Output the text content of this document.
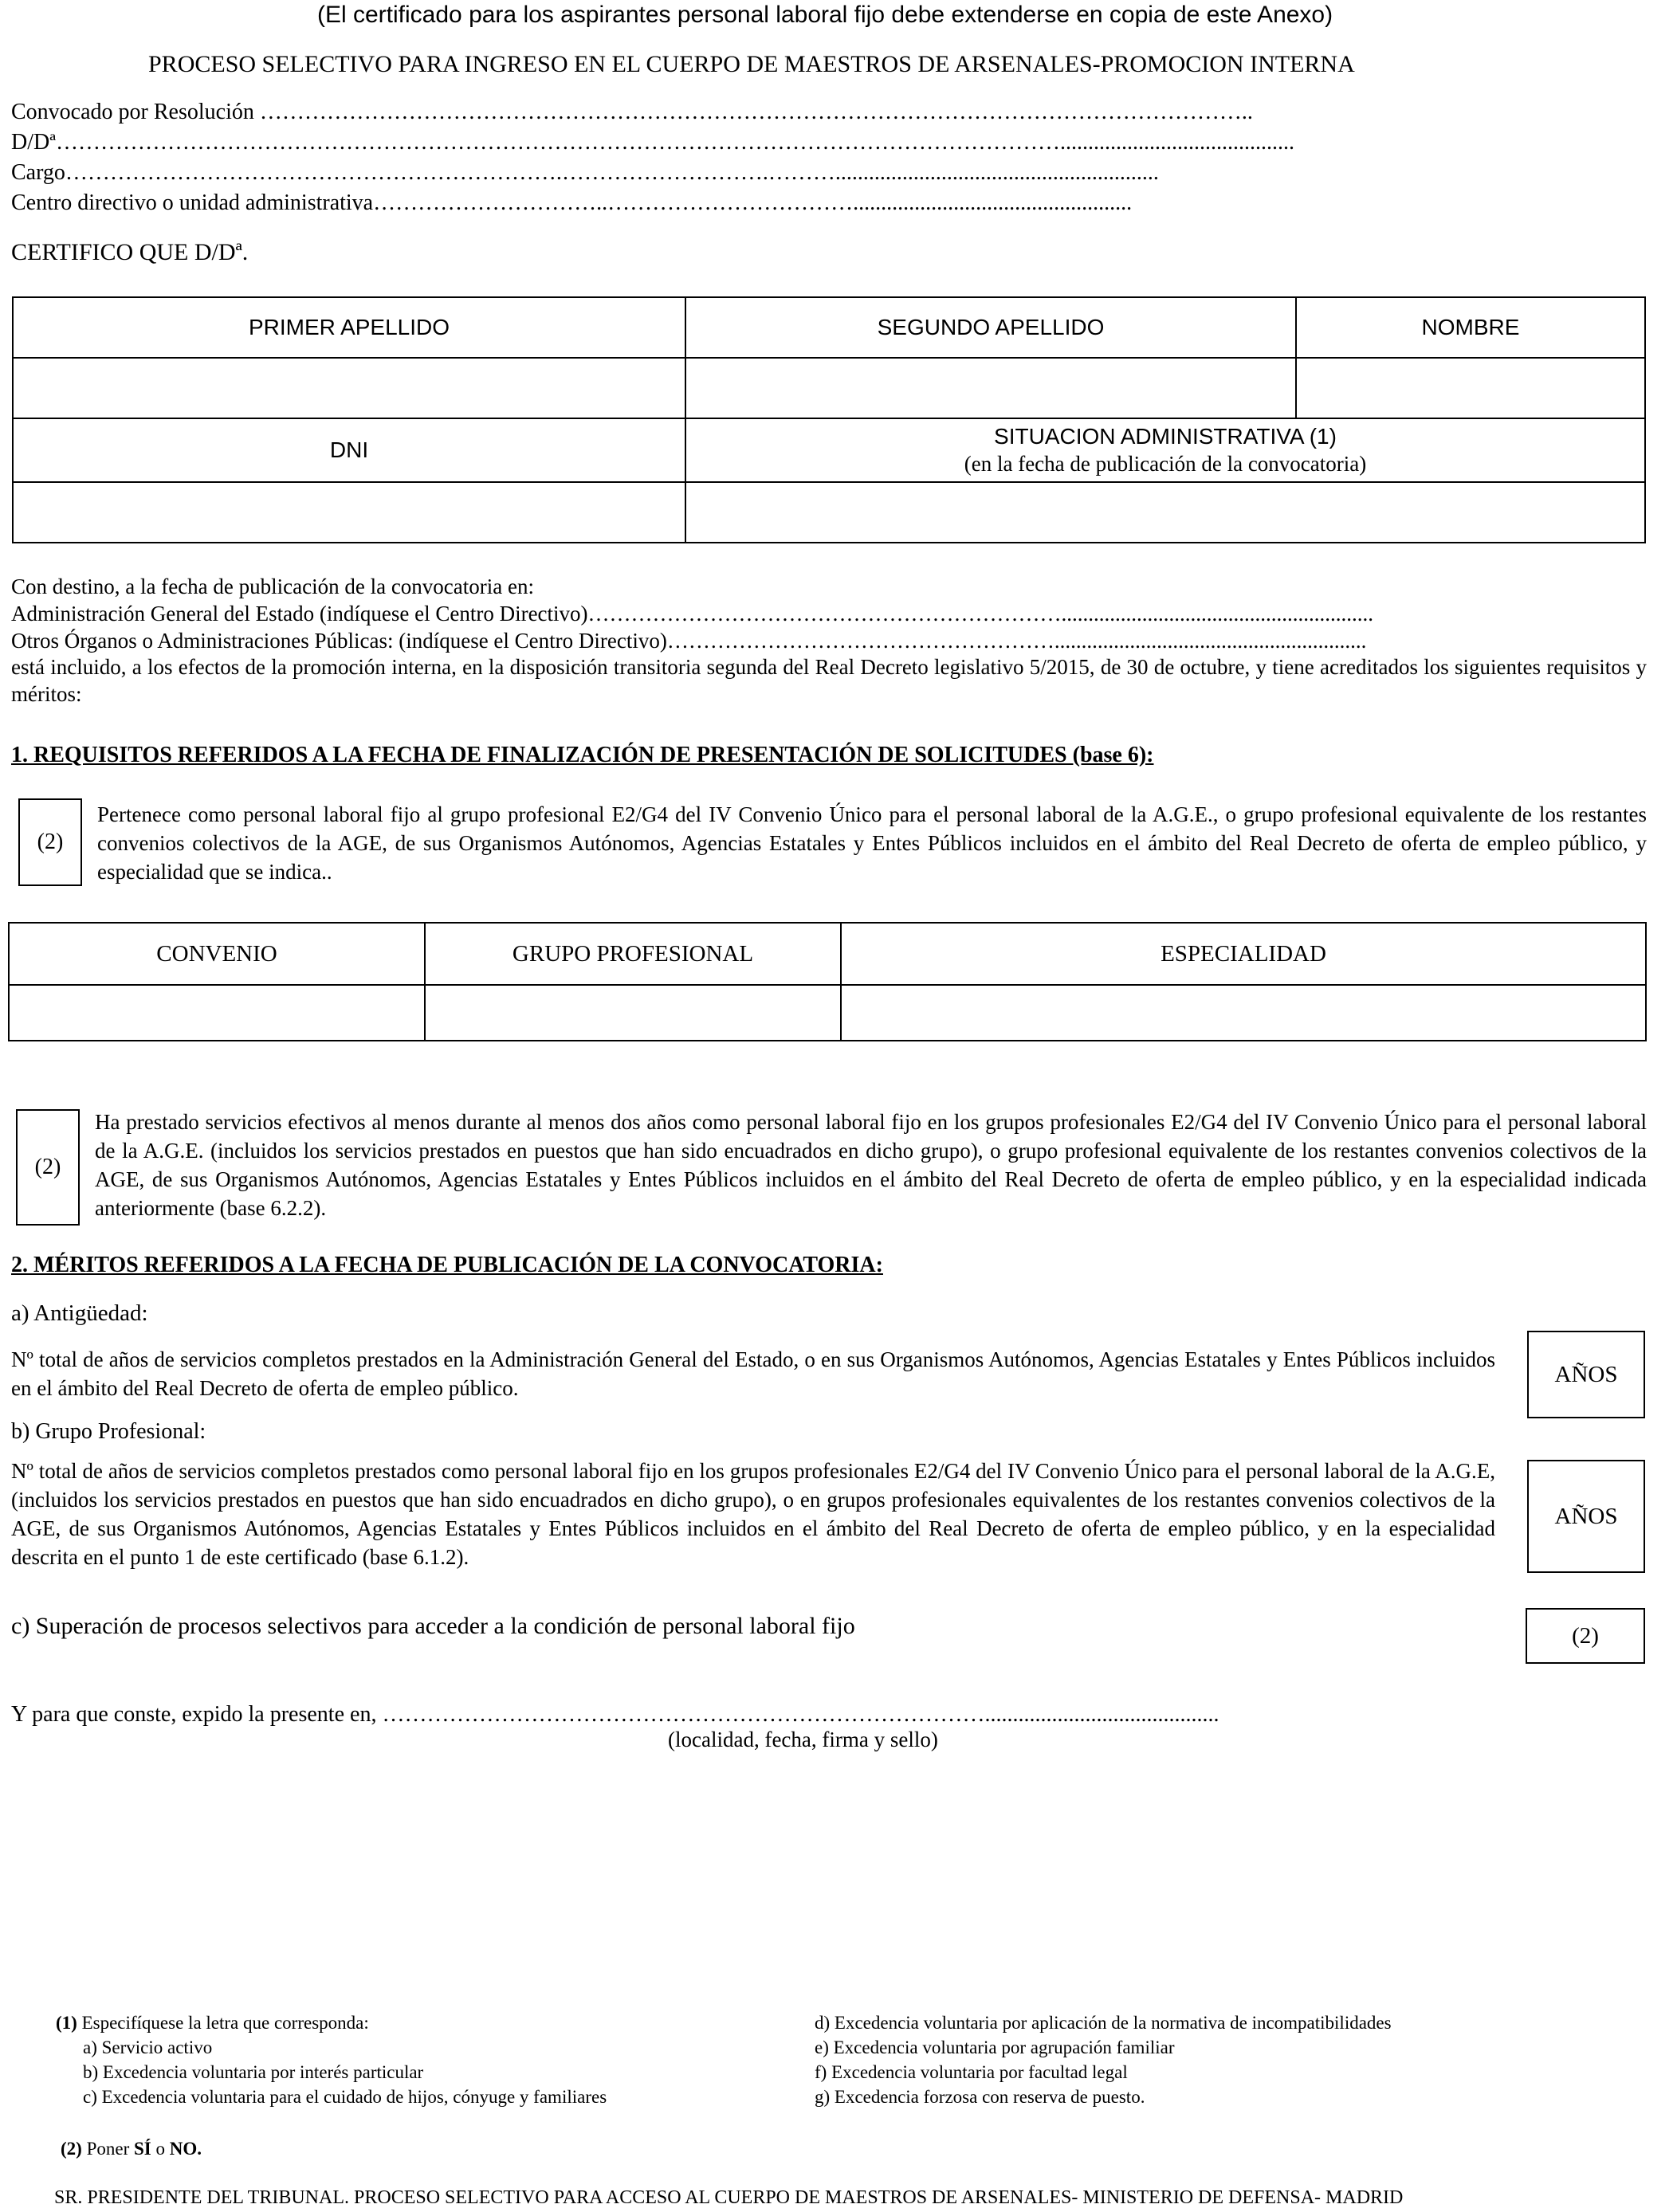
(El certificado para los aspirantes personal laboral fijo debe extenderse en copia de este Anexo)
PROCESO SELECTIVO PARA INGRESO EN EL CUERPO DE MAESTROS DE ARSENALES-PROMOCION INTERNA
Convocado por Resolución ……………………………………………………………………………………………………………………..
D/Dª………………………………………………………………………………………………………………………..........................................
Cargo………………………………………………………….……………………….………..........................................................
Centro directivo o unidad administrativa…………………………..……………………………..................................................
CERTIFICO QUE D/Dª.
PRIMER APELLIDO	SEGUNDO APELLIDO	NOMBRE

DNI	SITUACION ADMINISTRATIVA (1)
(en la fecha de publicación de la convocatoria)	

Con destino, a la fecha de publicación de la convocatoria en:
Administración General del Estado (indíquese el Centro Directivo)…………………………………………………………..........................................................
Otros Órganos o Administraciones Públicas: (indíquese el Centro Directivo)………………………………………………..........................................................
está incluido, a los efectos de la promoción interna, en la disposición transitoria segunda del Real Decreto legislativo 5/2015, de 30 de octubre, y tiene acreditados los siguientes requisitos y méritos:
1. REQUISITOS REFERIDOS A LA FECHA DE FINALIZACIÓN DE PRESENTACIÓN DE SOLICITUDES (base 6):
(2)
Pertenece como personal laboral fijo al grupo profesional E2/G4 del IV Convenio Único para el personal laboral de la A.G.E., o grupo profesional equivalente de los restantes convenios colectivos de la AGE, de sus Organismos Autónomos, Agencias Estatales y Entes Públicos incluidos en el ámbito del Real Decreto de oferta de empleo público, y especialidad que se indica..
CONVENIO	GRUPO PROFESIONAL	ESPECIALIDAD

(2)
Ha prestado servicios efectivos al menos durante al menos dos años como personal laboral fijo en los grupos profesionales E2/G4 del IV Convenio Único para el personal laboral de la A.G.E. (incluidos los servicios prestados en puestos que han sido encuadrados en dicho grupo), o grupo profesional equivalente de los restantes convenios colectivos de la AGE, de sus Organismos Autónomos, Agencias Estatales y Entes Públicos incluidos en el ámbito del Real Decreto de oferta de empleo público, y en la especialidad indicada anteriormente (base 6.2.2).
2. MÉRITOS REFERIDOS A LA FECHA DE PUBLICACIÓN DE LA CONVOCATORIA:
a) Antigüedad:
Nº total de años de servicios completos prestados en la Administración General del Estado, o en sus Organismos Autónomos, Agencias Estatales y Entes Públicos incluidos en el ámbito del Real Decreto de oferta de empleo público.
AÑOS
b) Grupo Profesional:
Nº total de años de servicios completos prestados como personal laboral fijo en los grupos profesionales E2/G4 del IV Convenio Único para el personal laboral de la A.G.E, (incluidos los servicios prestados en puestos que han sido encuadrados en dicho grupo), o en grupos profesionales equivalentes de los restantes convenios colectivos de la AGE, de sus Organismos Autónomos, Agencias Estatales y Entes Públicos incluidos en el ámbito del Real Decreto de oferta de empleo público, y en la especialidad descrita en el punto 1 de este certificado (base 6.1.2).
AÑOS
c) Superación de procesos selectivos para acceder a la condición de personal laboral fijo	(2)
Y para que conste, expido la presente en, ………………………………………………………………………..........................................
(localidad, fecha, firma y sello)
(1) Especifíquese la letra que corresponda:
a) Servicio activo
b) Excedencia voluntaria por interés particular
c) Excedencia voluntaria para el cuidado de hijos, cónyuge y familiares
d) Excedencia voluntaria por aplicación de la normativa de incompatibilidades
e) Excedencia voluntaria por agrupación familiar
f) Excedencia voluntaria por facultad legal
g) Excedencia forzosa con reserva de puesto.
(2) Poner SÍ o NO.
SR. PRESIDENTE DEL TRIBUNAL. PROCESO SELECTIVO PARA ACCESO AL CUERPO DE MAESTROS DE ARSENALES- MINISTERIO DE DEFENSA- MADRID
